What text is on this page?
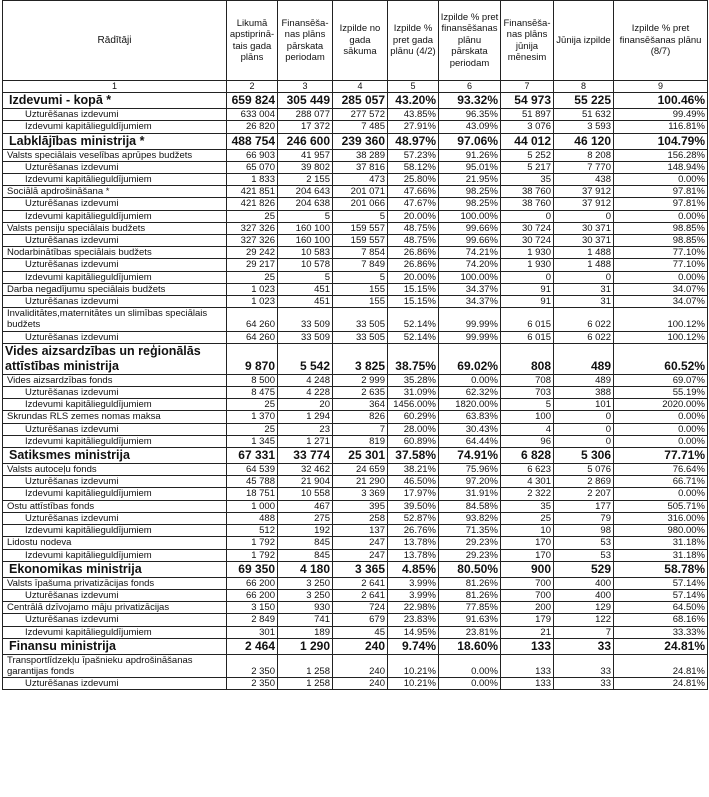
Rādītāji	Likumā apstiprinā-tais gada plāns	Finansēša-nas plāns pārskata periodam	Izpilde no gada sākuma	Izpilde % pret gada plānu (4/2)	Izpilde % pret finansēšanas plānu pārskata periodam	Finansēša-nas plāns jūnija mēnesim	Jūnija izpilde	Izpilde % pret finansēšanas plānu (8/7)
1	2	3	4	5	6	7	8	9
Izdevumi - kopā *	659 824	305 449	285 057	43.20%	93.32%	54 973	55 225	100.46%
Uzturēšanas izdevumi	633 004	288 077	277 572	43.85%	96.35%	51 897	51 632	99.49%
Izdevumi kapitālieguldījumiem	26 820	17 372	7 485	27.91%	43.09%	3 076	3 593	116.81%
Labklājības ministrija *	488 754	246 600	239 360	48.97%	97.06%	44 012	46 120	104.79%
Valsts speciālais veselības aprūpes budžets	66 903	41 957	38 289	57.23%	91.26%	5 252	8 208	156.28%
Uzturēšanas izdevumi	65 070	39 802	37 816	58.12%	95.01%	5 217	7 770	148.94%
Izdevumi kapitālieguldījumiem	1 833	2 155	473	25.80%	21.95%	35	438	0.00%
Sociālā apdrošināšana *	421 851	204 643	201 071	47.66%	98.25%	38 760	37 912	97.81%
Uzturēšanas izdevumi	421 826	204 638	201 066	47.67%	98.25%	38 760	37 912	97.81%
Izdevumi kapitālieguldījumiem	25	5	5	20.00%	100.00%	0	0	0.00%
Valsts pensiju speciālais budžets	327 326	160 100	159 557	48.75%	99.66%	30 724	30 371	98.85%
Uzturēšanas izdevumi	327 326	160 100	159 557	48.75%	99.66%	30 724	30 371	98.85%
Nodarbinātības speciālais budžets	29 242	10 583	7 854	26.86%	74.21%	1 930	1 488	77.10%
Uzturēšanas izdevumi	29 217	10 578	7 849	26.86%	74.20%	1 930	1 488	77.10%
Izdevumi kapitālieguldījumiem	25	5	5	20.00%	100.00%	0	0	0.00%
Darba negadījumu speciālais budžets	1 023	451	155	15.15%	34.37%	91	31	34.07%
Uzturēšanas izdevumi	1 023	451	155	15.15%	34.37%	91	31	34.07%
Invaliditātes,maternitātes un slimības speciālais budžets	64 260	33 509	33 505	52.14%	99.99%	6 015	6 022	100.12%
Uzturēšanas izdevumi	64 260	33 509	33 505	52.14%	99.99%	6 015	6 022	100.12%
Vides aizsardzības un reģionālās attīstības ministrija	9 870	5 542	3 825	38.75%	69.02%	808	489	60.52%
Vides aizsardzības fonds	8 500	4 248	2 999	35.28%	0.00%	708	489	69.07%
Uzturēšanas izdevumi	8 475	4 228	2 635	31.09%	62.32%	703	388	55.19%
Izdevumi kapitālieguldījumiem	25	20	364	1456.00%	1820.00%	5	101	2020.00%
Skrundas RLS zemes nomas maksa	1 370	1 294	826	60.29%	63.83%	100	0	0.00%
Uzturēšanas izdevumi	25	23	7	28.00%	30.43%	4	0	0.00%
Izdevumi kapitālieguldījumiem	1 345	1 271	819	60.89%	64.44%	96	0	0.00%
Satiksmes ministrija	67 331	33 774	25 301	37.58%	74.91%	6 828	5 306	77.71%
Valsts autoceļu fonds	64 539	32 462	24 659	38.21%	75.96%	6 623	5 076	76.64%
Uzturēšanas izdevumi	45 788	21 904	21 290	46.50%	97.20%	4 301	2 869	66.71%
Izdevumi kapitālieguldījumiem	18 751	10 558	3 369	17.97%	31.91%	2 322	2 207	0.00%
Ostu attīstības fonds	1 000	467	395	39.50%	84.58%	35	177	505.71%
Uzturēšanas izdevumi	488	275	258	52.87%	93.82%	25	79	316.00%
Izdevumi kapitālieguldījumiem	512	192	137	26.76%	71.35%	10	98	980.00%
Lidostu nodeva	1 792	845	247	13.78%	29.23%	170	53	31.18%
Izdevumi kapitālieguldījumiem	1 792	845	247	13.78%	29.23%	170	53	31.18%
Ekonomikas ministrija	69 350	4 180	3 365	4.85%	80.50%	900	529	58.78%
Valsts īpašuma privatizācijas fonds	66 200	3 250	2 641	3.99%	81.26%	700	400	57.14%
Uzturēšanas izdevumi	66 200	3 250	2 641	3.99%	81.26%	700	400	57.14%
Centrālā dzīvojamo māju privatizācijas	3 150	930	724	22.98%	77.85%	200	129	64.50%
Uzturēšanas izdevumi	2 849	741	679	23.83%	91.63%	179	122	68.16%
Izdevumi kapitālieguldījumiem	301	189	45	14.95%	23.81%	21	7	33.33%
Finansu ministrija	2 464	1 290	240	9.74%	18.60%	133	33	24.81%
Transportlīdzekļu īpašnieku apdrošināšanas garantijas fonds	2 350	1 258	240	10.21%	0.00%	133	33	24.81%
Uzturēšanas izdevumi	2 350	1 258	240	10.21%	0.00%	133	33	24.81%
